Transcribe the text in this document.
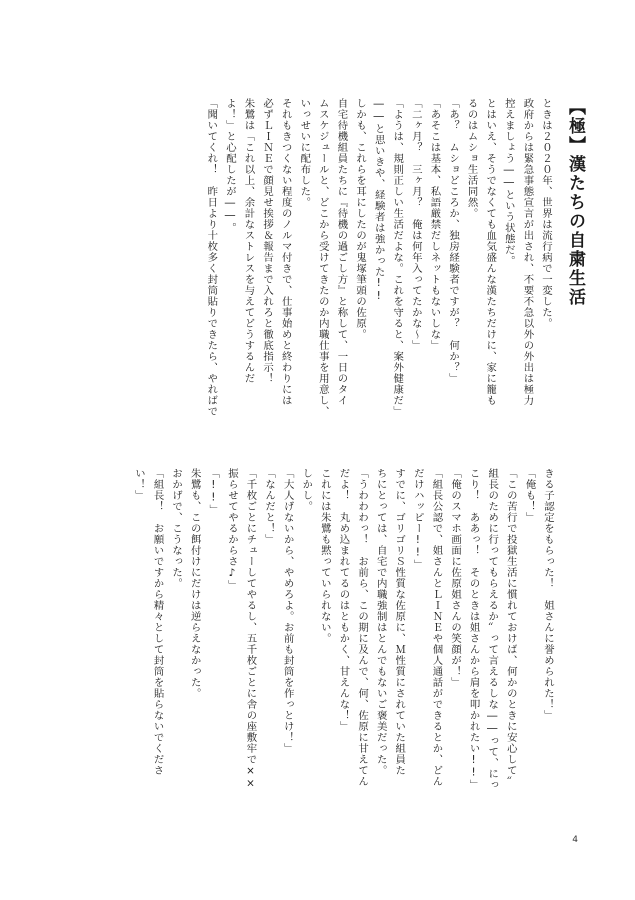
【極】漢たちの自粛生活
ときは２０２０年、世界は流行病で一変した。
政府からは緊急事態宣言が出され、不要不急以外の外出は極力
控えましょう――という状態だ。
とはいえ、そうでなくても血気盛んな漢たちだけに、家に籠も
るのはムショ生活同然。
「あ？　ムショどころか、独房経験者ですが？　何か？」
「あそこは基本、私語厳禁だしネットもないしな」
「二ヶ月？　三ヶ月？　俺は何年入ってたかな～」
「ようは、規則正しい生活だよな。これを守ると、案外健康だ」
――と思いきや、経験者は強かった!!
しかも、これらを耳にしたのが鬼塚筆頭の佐原。
自宅待機組員たちに『待機の過ごし方』と称して、一日のタイ
ムスケジュールと、どこから受けてきたのか内職仕事を用意し、
いっせいに配布した。
それもきつくない程度のノルマ付きで、仕事始めと終わりには
必ずＬＩＮＥで顔見せ挨拶＆報告まで入れろと徹底指示！
朱鷺は「これ以上、余計なストレスを与えてどうするんだ
よ！」と心配したが――。
「聞いてくれ！　昨日より十枚多く封筒貼りできたら、やればで
きる子認定をもらった！　姐さんに誉められた！」
「俺も！」
「この苦行で投獄生活に慣れておけば、何かのときに安心して〟
組長のために行ってもらえるか〟って言えるしな――って、にっ
こり！　ああっ！　そのときは姐さんから肩を叩かれたい!!」
「俺のスマホ画面に佐原姐さんの笑顔が！」
「組長公認で、姐さんとＬＩＮＥや個人通話ができるとか、どん
だけハッピー!!」
すでに、ゴリゴリＳ性質な佐原に、Ｍ性質にされていた組員た
ちにとっては、自宅で内職強制はとんでもないご褒美だった。
「うわわわっ！　お前ら、この期に及んで、何、佐原に甘えてん
だよ！　丸め込まれてるのはともかく、甘えんな！」
これには朱鷺も黙っていられない。
しかし。
「大人げないから、やめろよ。お前も封筒を作っとけ！」
「なんだと！」
「千枚ごとにチューしてやるし、五千枚ごとに舎の座敷牢で××
振らせてやるからさ♪」
「!!」
朱鷺も、この餌付けにだけは逆らえなかった。
おかげで、こうなった。
「組長！　お願いですから精々として封筒を貼らないでくださ
い！」
4
